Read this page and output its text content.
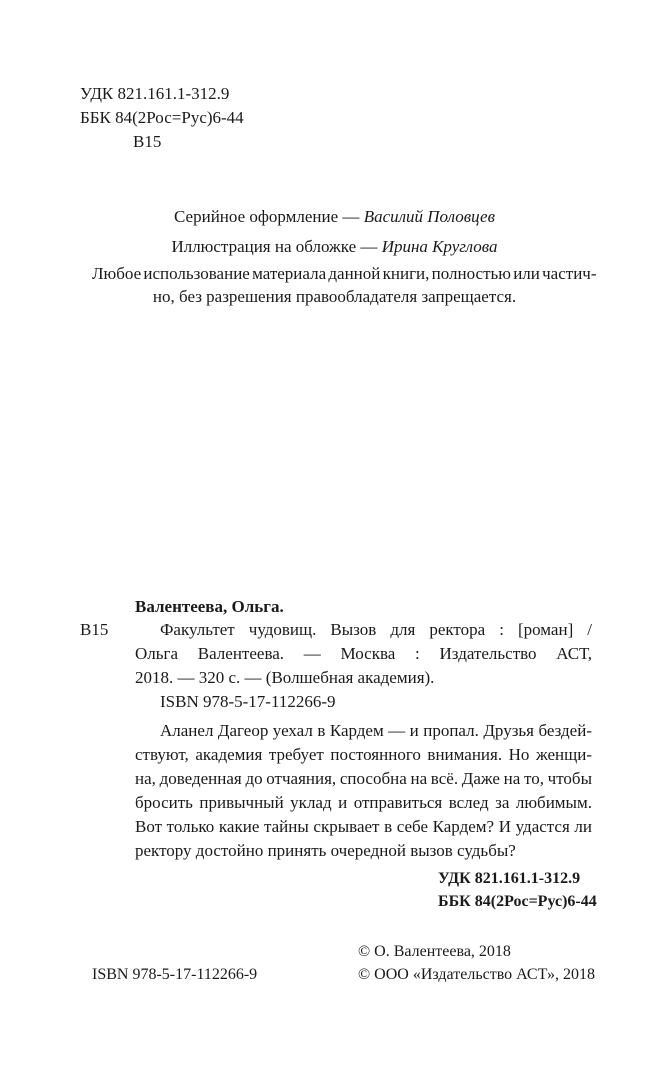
УДК 821.161.1-312.9
ББК 84(2Рос=Рус)6-44
В15
Серийное оформление — Василий Половцев
Иллюстрация на обложке — Ирина Круглова
Любое использование материала данной книги, полностью или частич-
но, без разрешения правообладателя запрещается.
Валентеева, Ольга.
В15	Факультет чудовищ. Вызов для ректора : [роман] /
Ольга Валентеева. — Москва : Издательство АСТ,
2018. — 320 с. — (Волшебная академия).
ISBN 978-5-17-112266-9
Аланел Дагеор уехал в Кардем — и пропал. Друзья бездей-
ствуют, академия требует постоянного внимания. Но женщи-
на, доведенная до отчаяния, способна на всё. Даже на то, чтобы
бросить привычный уклад и отправиться вслед за любимым.
Вот только какие тайны скрывает в себе Кардем? И удастся ли
ректору достойно принять очередной вызов судьбы?
УДК 821.161.1-312.9
ББК 84(2Рос=Рус)6-44
© О. Валентеева, 2018
ISBN 978-5-17-112266-9	© ООО «Издательство АСТ», 2018
